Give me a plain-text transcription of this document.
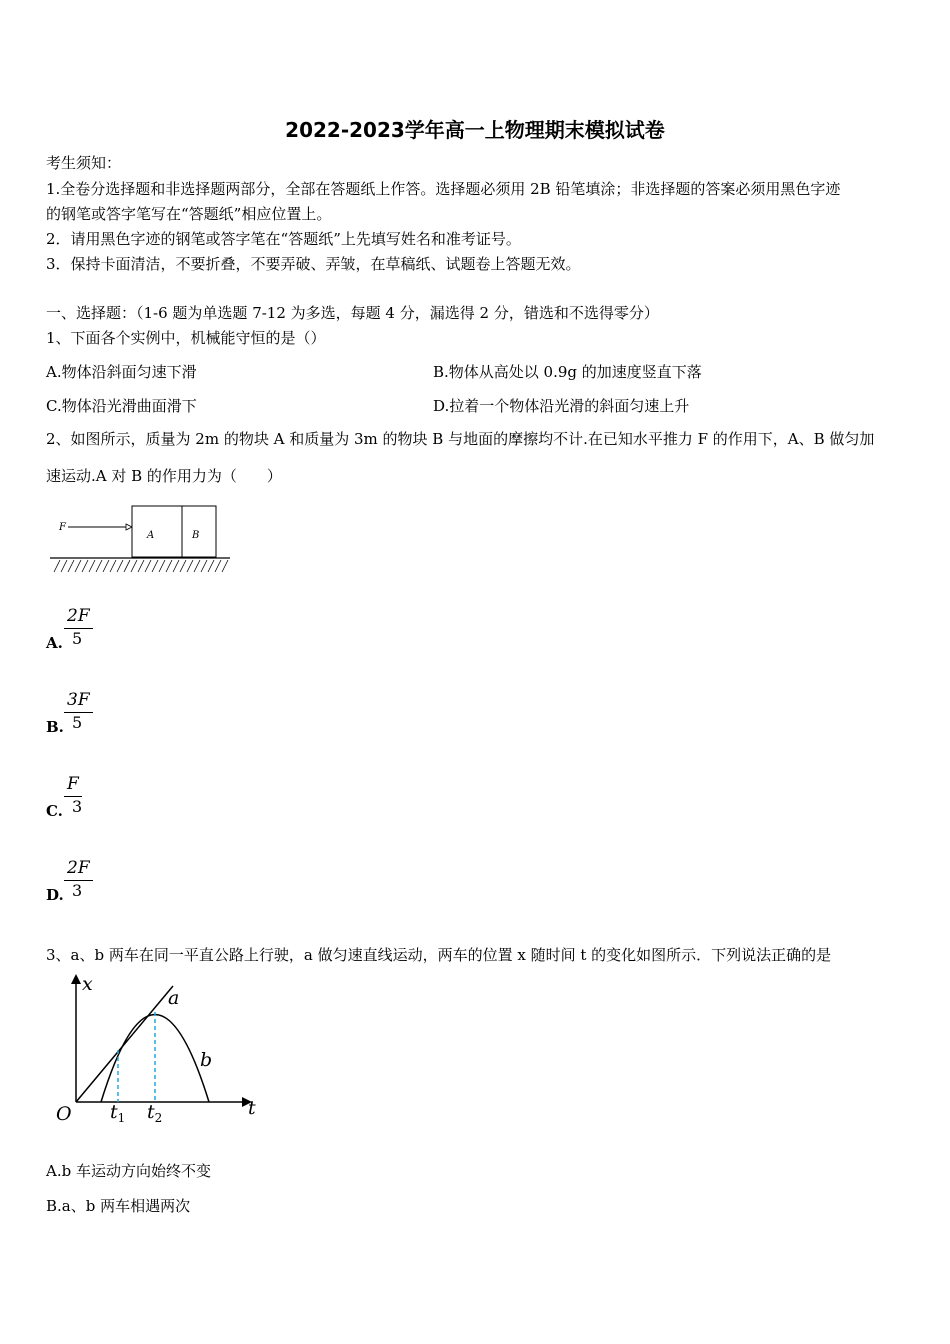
2022-2023学年高一上物理期末模拟试卷
考生须知：
1.全卷分选择题和非选择题两部分，全部在答题纸上作答。选择题必须用 2B 铅笔填涂；非选择题的答案必须用黑色字迹
的钢笔或答字笔写在“答题纸”相应位置上。
2．请用黑色字迹的钢笔或答字笔在“答题纸”上先填写姓名和准考证号。
3．保持卡面清洁，不要折叠，不要弄破、弄皱，在草稿纸、试题卷上答题无效。
一、选择题：（1-6 题为单选题 7-12 为多选，每题 4 分，漏选得 2 分，错选和不选得零分）
1、下面各个实例中，机械能守恒的是（）
A.物体沿斜面匀速下滑	B.物体从高处以 0.9g 的加速度竖直下落
C.物体沿光滑曲面滑下	D.拉着一个物体沿光滑的斜面匀速上升
2、如图所示，质量为 2m 的物块 A 和质量为 3m 的物块 B 与地面的摩擦均不计.在已知水平推力 F 的作用下，A、B 做匀加
速运动.A 对 B 的作用力为（　　）
F
A	B
A. $\frac{2F}{5}$
B. $\frac{3F}{5}$
C. $\frac{F}{3}$
D. $\frac{2F}{3}$
3、a、b 两车在同一平直公路上行驶，a 做匀速直线运动，两车的位置 x 随时间 t 的变化如图所示．下列说法正确的是
x
t
O
a
b
$t_1$ $t_2$
A.b 车运动方向始终不变
B.a、b 两车相遇两次
